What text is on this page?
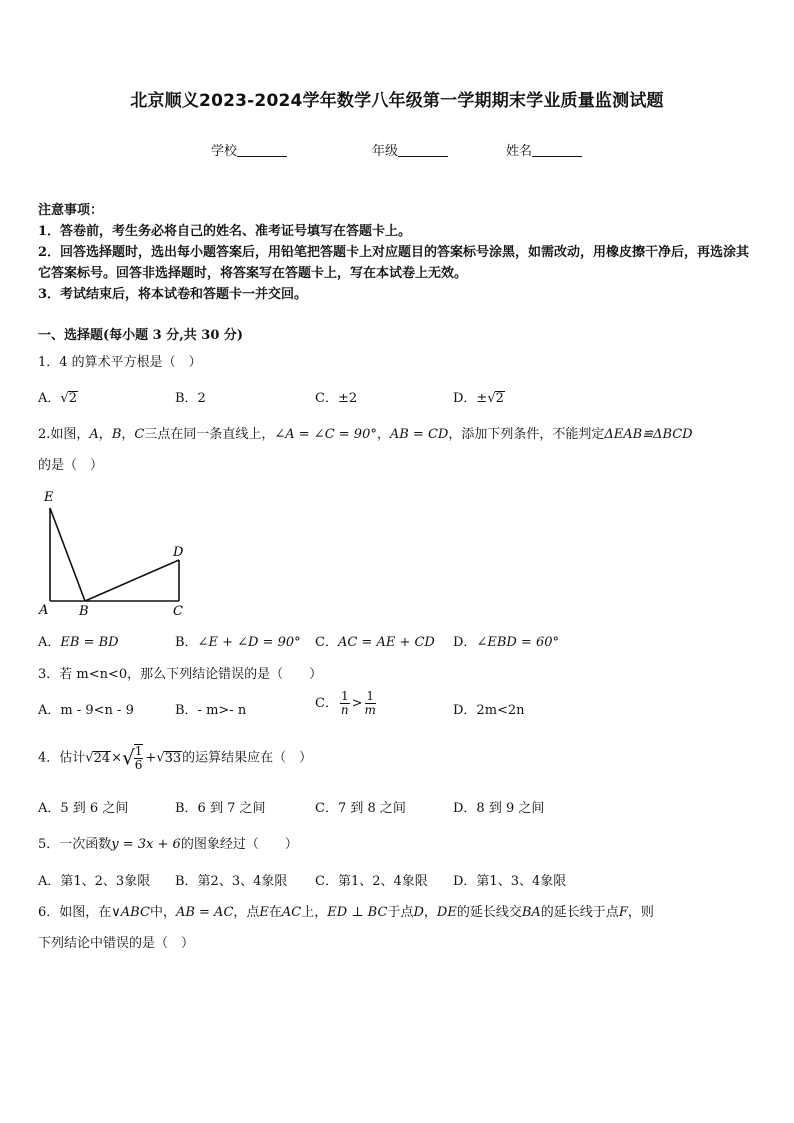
北京顺义2023-2024学年数学八年级第一学期期末学业质量监测试题
学校	年级	姓名
注意事项：
1．答卷前，考生务必将自己的姓名、准考证号填写在答题卡上。
2．回答选择题时，选出每小题答案后，用铅笔把答题卡上对应题目的答案标号涂黑，如需改动，用橡皮擦干净后，再选涂其它答案标号。回答非选择题时，将答案写在答题卡上，写在本试卷上无效。
3．考试结束后，将本试卷和答题卡一并交回。
一、选择题(每小题 3 分,共 30 分)
1．4 的算术平方根是（　）
A．√2	B．2	C．±2	D．±√2
2.如图，A，B，C三点在同一条直线上，∠A = ∠C = 90°，AB = CD，添加下列条件，不能判定ΔEAB≌ΔBCD
的是（　）
E
D
A B	C
A．EB = BD	B．∠E + ∠D = 90° C．AC = AE + CD D．∠EBD = 60°
3．若 m<n<0，那么下列结论错误的是（　　）
A．m - 9<n - 9	B．- m>- n	C． $\frac{1}{n} > \frac{1}{m}$	D．2m<2n
4．估计$√24\times√ \frac{1}{6} +√33$的运算结果应在（　）
A．5 到 6 之间	B．6 到 7 之间	C．7 到 8 之间	D．8 到 9 之间
5．一次函数y = 3x + 6的图象经过（　　）
A．第1、2、3象限 B．第2、3、4象限 C．第1、2、4象限 D．第1、3、4象限
6．如图，在∨ABC中，AB = AC，点E在AC上，ED ⊥ BC于点D，DE的延长线交BA的延长线于点F，则
下列结论中错误的是（　）
